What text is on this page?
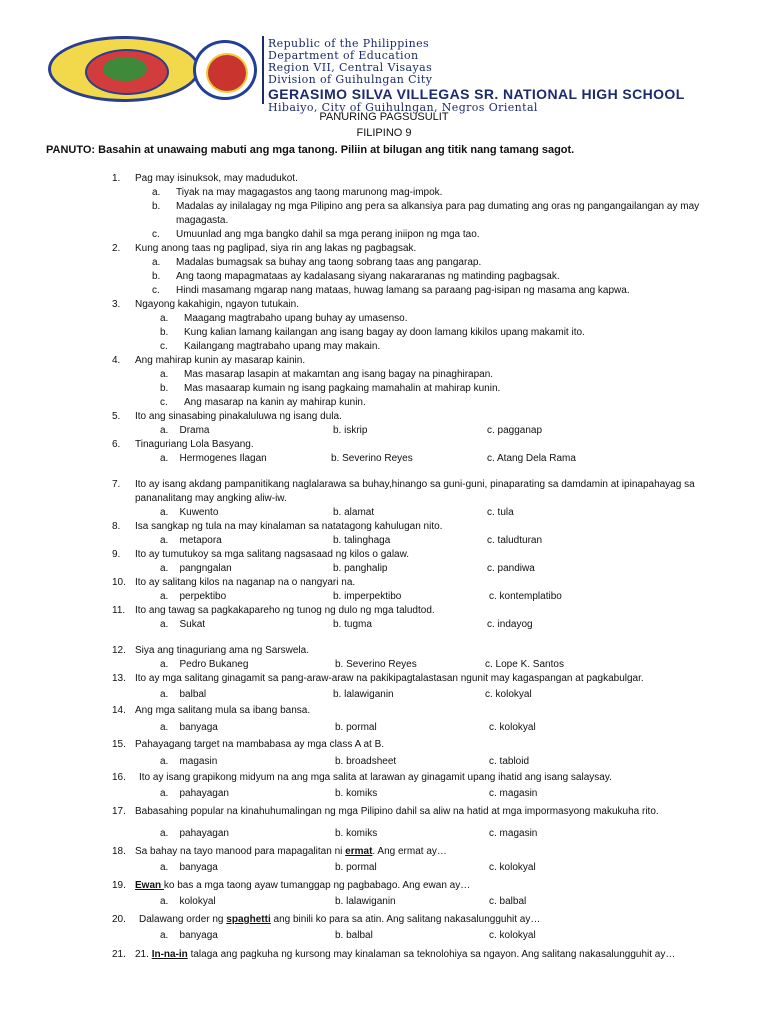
Republic of the Philippines
Department of Education
Region VII, Central Visayas
Division of Guihulngan City
GERASIMO SILVA VILLEGAS SR. NATIONAL HIGH SCHOOL
Hibaiyo, City of Guihulngan, Negros Oriental
PANURING PAGSUSULIT
FILIPINO 9
PANUTO: Basahin at unawaing mabuti ang mga tanong. Piliin at bilugan ang titik nang tamang sagot.
1.	Pag may isinuksok, may madudukot.
a. Tiyak na may magagastos ang taong marunong mag-impok.
b. Madalas ay inilalagay ng mga Pilipino ang pera sa alkansiya para pag dumating ang oras ng pangangailangan ay may magagasta.
c. Umuunlad ang mga bangko dahil sa mga perang iniipon ng mga tao.
2.	Kung anong taas ng paglipad, siya rin ang lakas ng pagbagsak.
a. Madalas bumagsak sa buhay ang taong sobrang taas ang pangarap.
b. Ang taong mapagmataas ay kadalasang siyang nakararanas ng matinding pagbagsak.
c. Hindi masamang mgarap nang mataas, huwag lamang sa paraang pag-isipan ng masama ang kapwa.
3.	Ngayong kakahigin, ngayon tutukain.
a. Maagang magtrabaho upang buhay ay umasenso.
b. Kung kalian lamang kailangan ang isang bagay ay doon lamang kikilos upang makamit ito.
c. Kailangang magtrabaho upang may makain.
4.	Ang mahirap kunin ay masarap kainin.
a. Mas masarap lasapin at makamtan ang isang bagay na pinaghirapan.
b. Mas masaarap kumain ng isang pagkaing mamahalin at mahirap kunin.
c. Ang masarap na kanin ay mahirap kunin.
5.	Ito ang sinasabing pinakaluluwa ng isang dula.
a. Drama	b. iskrip	c. pagganap
6.	Tinaguriang Lola Basyang.
a. Hermogenes Ilagan	b. Severino Reyes	c. Atang Dela Rama
7.	Ito ay isang akdang pampanitikang naglalarawa sa buhay,hinango sa guni-guni, pinaparating sa damdamin at ipinapahayag sa pananalitang may angking aliw-iw.
a. Kuwento	b. alamat	c. tula
8.	Isa sangkap ng tula na may kinalaman sa natatagong kahulugan nito.
a. metapora	b. talinghaga	c. taludturan
9.	Ito ay tumutukoy sa mga salitang nagsasaad ng kilos o galaw.
a. pangngalan	b. panghalip	c. pandiwa
10. Ito ay salitang kilos na naganap na o nangyari na.
a. perpektibo	b. imperpektibo	c. kontemplatibo
11. Ito ang tawag sa pagkakapareho ng tunog ng dulo ng mga taludtod.
a. Sukat	b. tugma	c. indayog
12. Siya ang tinaguriang ama ng Sarswela.
a. Pedro Bukaneg	b. Severino Reyes	c. Lope K. Santos
13. Ito ay mga salitang ginagamit sa pang-araw-araw na pakikipagtalastasan ngunit may kagaspangan at pagkabulgar.
a. balbal	b. lalawiganin	c. kolokyal
14. Ang mga salitang mula sa ibang bansa.
a. banyaga	b. pormal	c. kolokyal
15. Pahayagang target na mambabasa ay mga class A at B.
a. magasin	b. broadsheet	c. tabloid
16.	Ito ay isang grapikong midyum na ang mga salita at larawan ay ginagamit upang ihatid ang isang salaysay.
a. pahayagan	b. komiks	c. magasin
17. Babasahing popular na kinahuhumalingan ng mga Pilipino dahil sa aliw na hatid at mga impormasyong makukuha rito.
a. pahayagan	b. komiks	c. magasin
18. Sa bahay na tayo manood para mapagalitan ni ermat. Ang ermat ay…
a. banyaga	b. pormal	c. kolokyal
19. Ewan ko bas a mga taong ayaw tumanggap ng pagbabago. Ang ewan ay…
a. kolokyal	b. lalawiganin	c. balbal
20.	Dalawang order ng spaghetti ang binili ko para sa atin. Ang salitang nakasalungguhit ay…
a. banyaga	b. balbal	c. kolokyal
21. 21. In-na-in talaga ang pagkuha ng kursong may kinalaman sa teknolohiya sa ngayon. Ang salitang nakasalungguhit ay…
